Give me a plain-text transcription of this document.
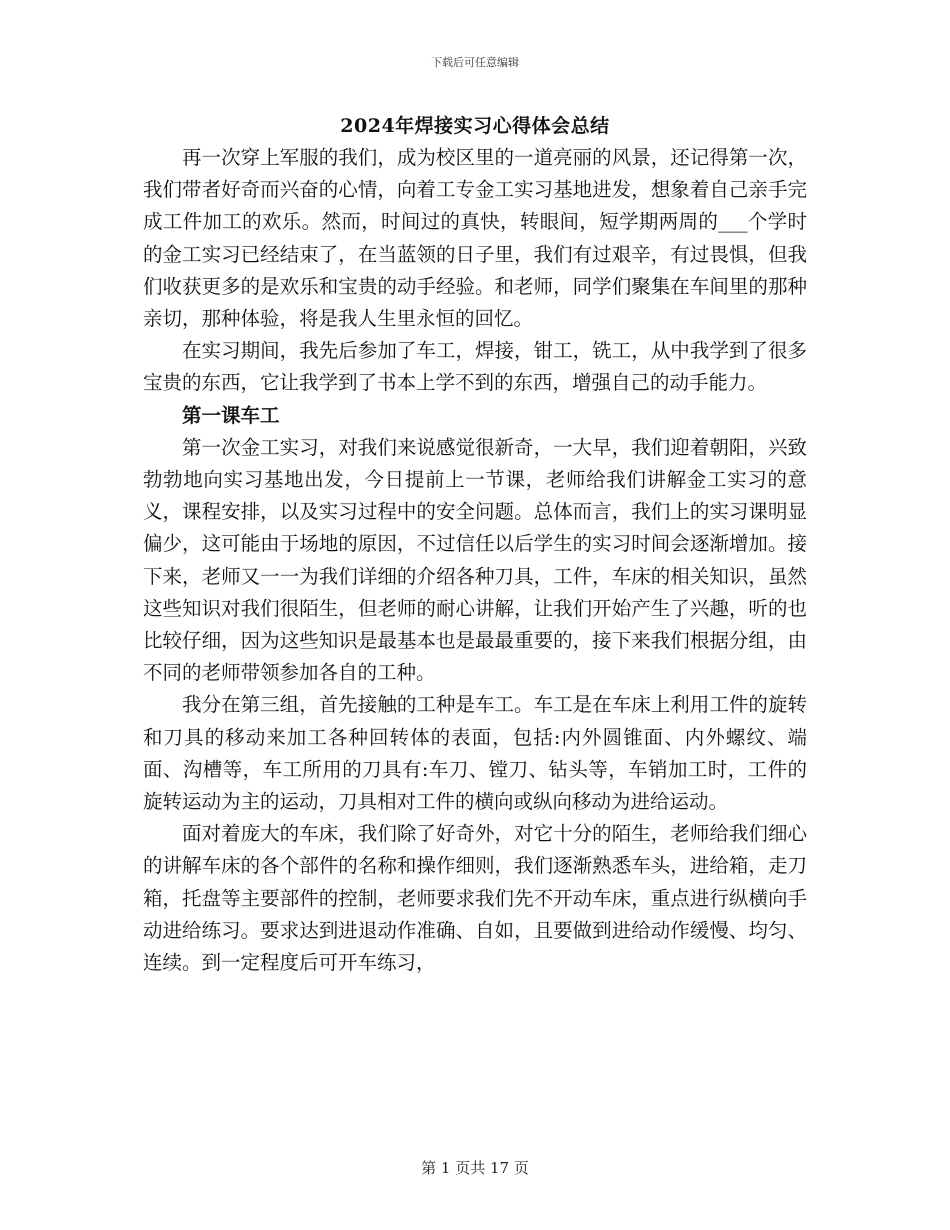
下载后可任意编辑
2024年焊接实习心得体会总结

再一次穿上军服的我们，成为校区里的一道亮丽的风景，还记得第一次，我们带者好奇而兴奋的心情，向着工专金工实习基地进发，想象着自己亲手完成工件加工的欢乐。然而，时间过的真快，转眼间，短学期两周的___个学时的金工实习已经结束了，在当蓝领的日子里，我们有过艰辛，有过畏惧，但我们收获更多的是欢乐和宝贵的动手经验。和老师，同学们聚集在车间里的那种亲切，那种体验，将是我人生里永恒的回忆。

在实习期间，我先后参加了车工，焊接，钳工，铣工，从中我学到了很多宝贵的东西，它让我学到了书本上学不到的东西，增强自己的动手能力。

第一课车工

第一次金工实习，对我们来说感觉很新奇，一大早，我们迎着朝阳，兴致勃勃地向实习基地出发，今日提前上一节课，老师给我们讲解金工实习的意义，课程安排，以及实习过程中的安全问题。总体而言，我们上的实习课明显偏少，这可能由于场地的原因，不过信任以后学生的实习时间会逐渐增加。接下来，老师又一一为我们详细的介绍各种刀具，工件，车床的相关知识，虽然这些知识对我们很陌生，但老师的耐心讲解，让我们开始产生了兴趣，听的也比较仔细，因为这些知识是最基本也是最最重要的，接下来我们根据分组，由不同的老师带领参加各自的工种。

我分在第三组，首先接触的工种是车工。车工是在车床上利用工件的旋转和刀具的移动来加工各种回转体的表面，包括:内外圆锥面、内外螺纹、端面、沟槽等，车工所用的刀具有:车刀、镗刀、钻头等，车销加工时，工件的旋转运动为主的运动，刀具相对工件的横向或纵向移动为进给运动。

面对着庞大的车床，我们除了好奇外，对它十分的陌生，老师给我们细心的讲解车床的各个部件的名称和操作细则，我们逐渐熟悉车头，进给箱，走刀箱，托盘等主要部件的控制，老师要求我们先不开动车床，重点进行纵横向手动进给练习。要求达到进退动作准确、自如，且要做到进给动作缓慢、均匀、连续。到一定程度后可开车练习，

第 1 页共 17 页
